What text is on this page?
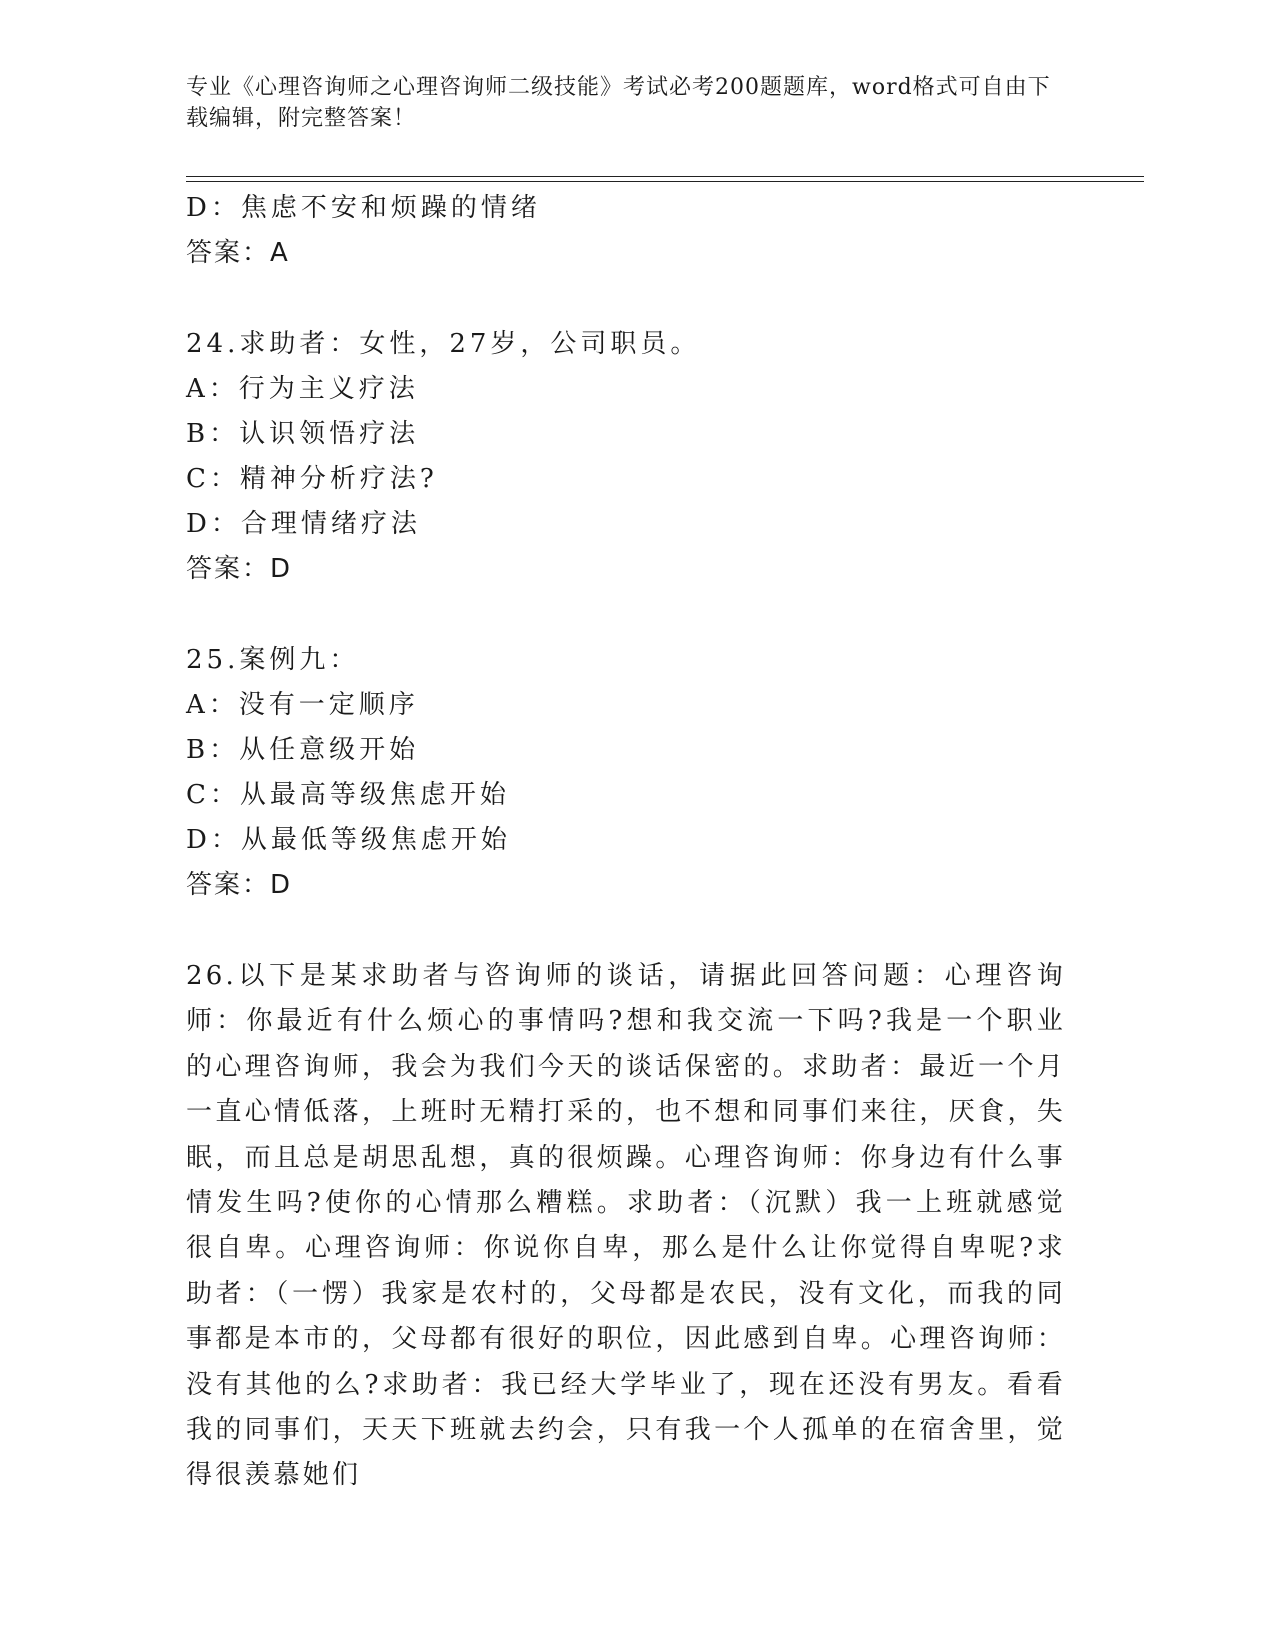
专业《心理咨询师之心理咨询师二级技能》考试必考200题题库，word格式可自由下载编辑，附完整答案！
D：焦虑不安和烦躁的情绪
答案：A
24.求助者：女性，27岁，公司职员。
A：行为主义疗法
B：认识领悟疗法
C：精神分析疗法?
D：合理情绪疗法
答案：D
25.案例九：
A：没有一定顺序
B：从任意级开始
C：从最高等级焦虑开始
D：从最低等级焦虑开始
答案：D

26.以下是某求助者与咨询师的谈话，请据此回答问题：心理咨询师：你最近有什么烦心的事情吗?想和我交流一下吗?我是一个职业的心理咨询师，我会为我们今天的谈话保密的。求助者：最近一个月一直心情低落，上班时无精打采的，也不想和同事们来往，厌食，失眠，而且总是胡思乱想，真的很烦躁。心理咨询师：你身边有什么事情发生吗?使你的心情那么糟糕。求助者：（沉默）我一上班就感觉很自卑。心理咨询师：你说你自卑，那么是什么让你觉得自卑呢?求助者：（一愣）我家是农村的，父母都是农民，没有文化，而我的同事都是本市的，父母都有很好的职位，因此感到自卑。心理咨询师：没有其他的么?求助者：我已经大学毕业了，现在还没有男友。看看我的同事们，天天下班就去约会，只有我一个人孤单的在宿舍里，觉得很羡慕她们
